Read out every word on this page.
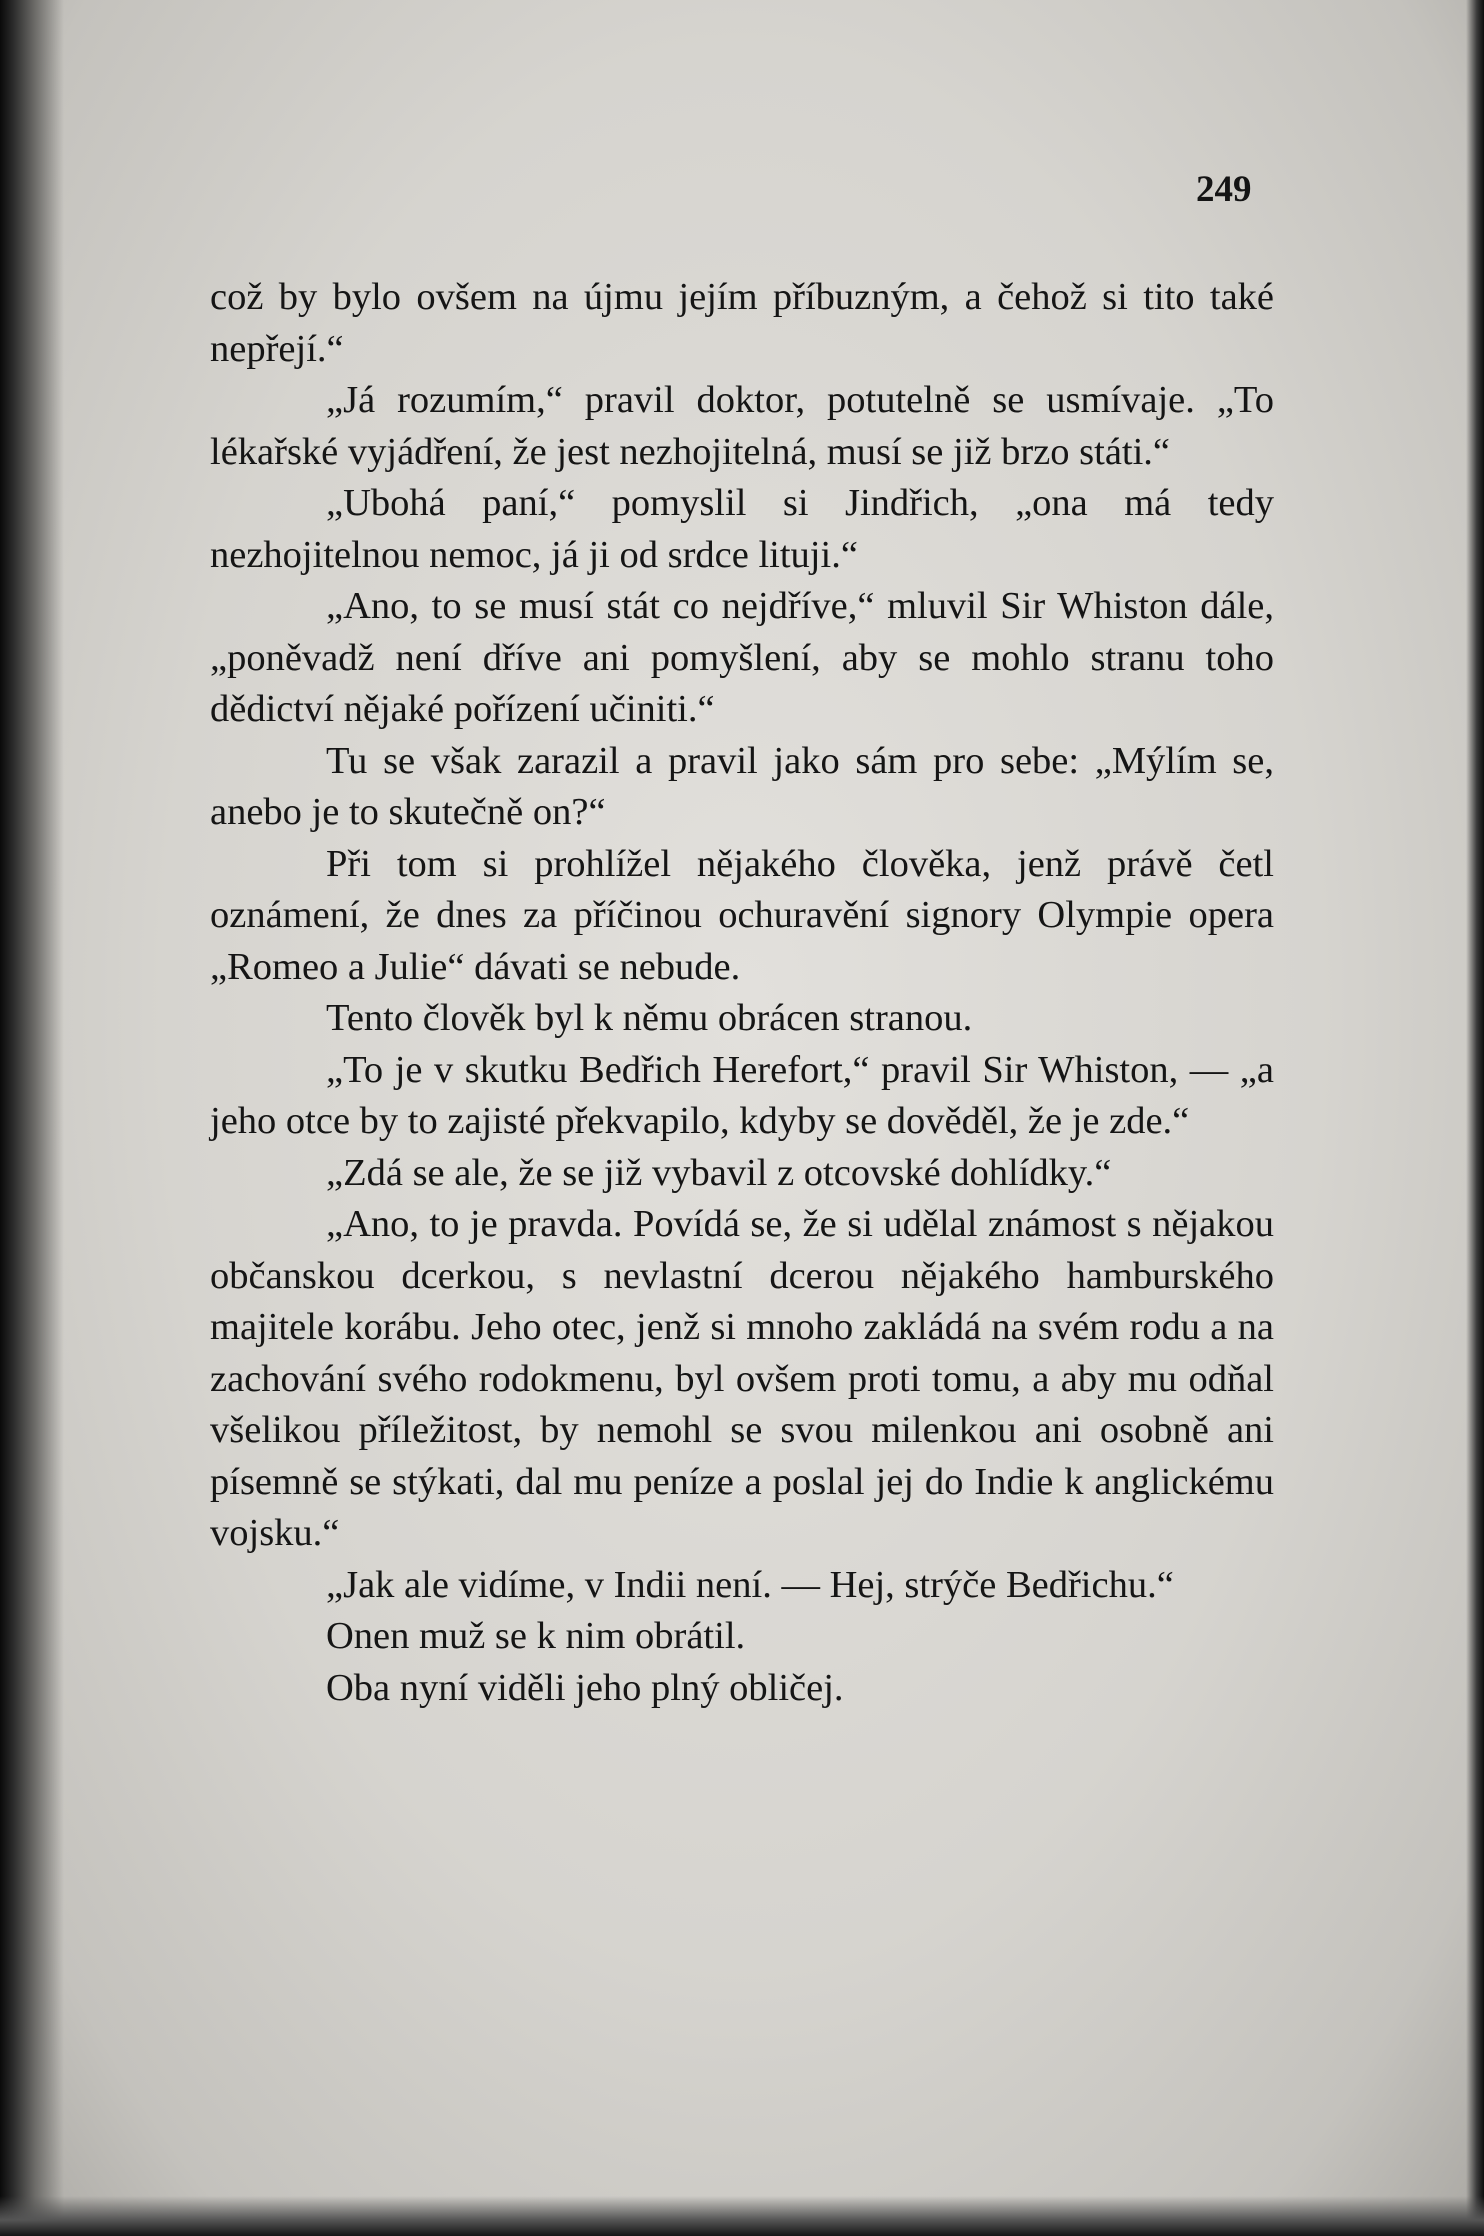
249

což by bylo ovšem na újmu jejím příbuzným, a čehož si tito také nepřejí.“

„Já rozumím,“ pravil doktor, potutelně se usmívaje. „To lékařské vyjádření, že jest nezhojitelná, musí se již brzo státi.“

„Ubohá paní,“ pomyslil si Jindřich, „ona má tedy nezhojitelnou nemoc, já ji od srdce lituji.“

„Ano, to se musí stát co nejdříve,“ mluvil Sir Whiston dále, „poněvadž není dříve ani pomyšlení, aby se mohlo stranu toho dědictví nějaké pořízení učiniti.“

Tu se však zarazil a pravil jako sám pro sebe: „Mýlím se, anebo je to skutečně on?“

Při tom si prohlížel nějakého člověka, jenž právě četl oznámení, že dnes za příčinou ochuravění signory Olympie opera „Romeo a Julie“ dávati se nebude.

Tento člověk byl k němu obrácen stranou.

„To je v skutku Bedřich Herefort,“ pravil Sir Whiston, — „a jeho otce by to zajisté překvapilo, kdyby se dověděl, že je zde.“

„Zdá se ale, že se již vybavil z otcovské dohlídky.“

„Ano, to je pravda. Povídá se, že si udělal známost s nějakou občanskou dcerkou, s nevlastní dcerou nějakého hamburského majitele korábu. Jeho otec, jenž si mnoho zakládá na svém rodu a na zachování svého rodokmenu, byl ovšem proti tomu, a aby mu odňal všelikou příležitost, by nemohl se svou milenkou ani osobně ani písemně se stýkati, dal mu peníze a poslal jej do Indie k anglickému vojsku.“

„Jak ale vidíme, v Indii není. — Hej, strýče Bedřichu.“

Onen muž se k nim obrátil.

Oba nyní viděli jeho plný obličej.
